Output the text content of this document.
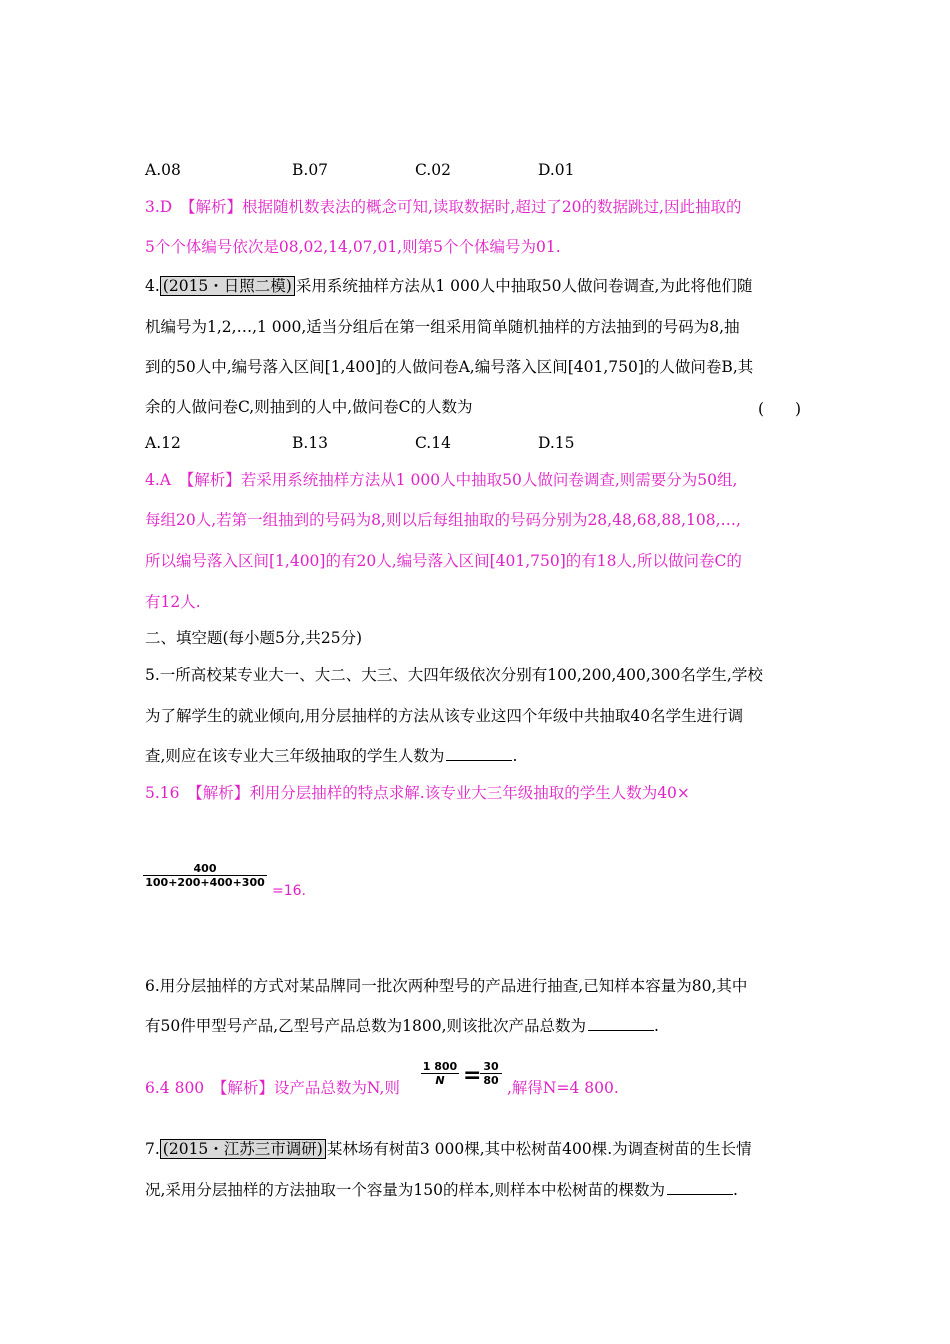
A.08	B.07	C.02	D.01
3.D　【解析】根据随机数表法的概念可知,读取数据时,超过了20的数据跳过,因此抽取的
5个个体编号依次是08,02,14,07,01,则第5个个体编号为01.
4. (2015・日照二模) 采用系统抽样方法从1 000人中抽取50人做问卷调查,为此将他们随
机编号为1,2,…,1 000,适当分组后在第一组采用简单随机抽样的方法抽到的号码为8,抽
到的50人中,编号落入区间[1,400]的人做问卷A,编号落入区间[401,750]的人做问卷B,其
余的人做问卷C,则抽到的人中,做问卷C的人数为	(　　)
A.12	B.13	C.14	D.15
4.A　【解析】若采用系统抽样方法从1 000人中抽取50人做问卷调查,则需要分为50组,
每组20人,若第一组抽到的号码为8,则以后每组抽取的号码分别为28,48,68,88,108,…,
所以编号落入区间[1,400]的有20人,编号落入区间[401,750]的有18人,所以做问卷C的
有12人.
二、填空题(每小题5分,共25分)
5.一所高校某专业大一、大二、大三、大四年级依次分别有100,200,400,300名学生,学校
为了解学生的就业倾向,用分层抽样的方法从该专业这四个年级中共抽取40名学生进行调
查,则应在该专业大三年级抽取的学生人数为	.
5.16　【解析】利用分层抽样的特点求解.该专业大三年级抽取的学生人数为40×
400
100+200+400+300
=16.
6.用分层抽样的方式对某品牌同一批次两种型号的产品进行抽查,已知样本容量为80,其中
有50件甲型号产品,乙型号产品总数为1800,则该批次产品总数为	.
6.4 800　【解析】设产品总数为N,则
1 800
N = 30
80 ,解得N=4 800.
7. (2015・江苏三市调研) 某林场有树苗3 000棵,其中松树苗400棵.为调查树苗的生长情
况,采用分层抽样的方法抽取一个容量为150的样本,则样本中松树苗的棵数为	.
